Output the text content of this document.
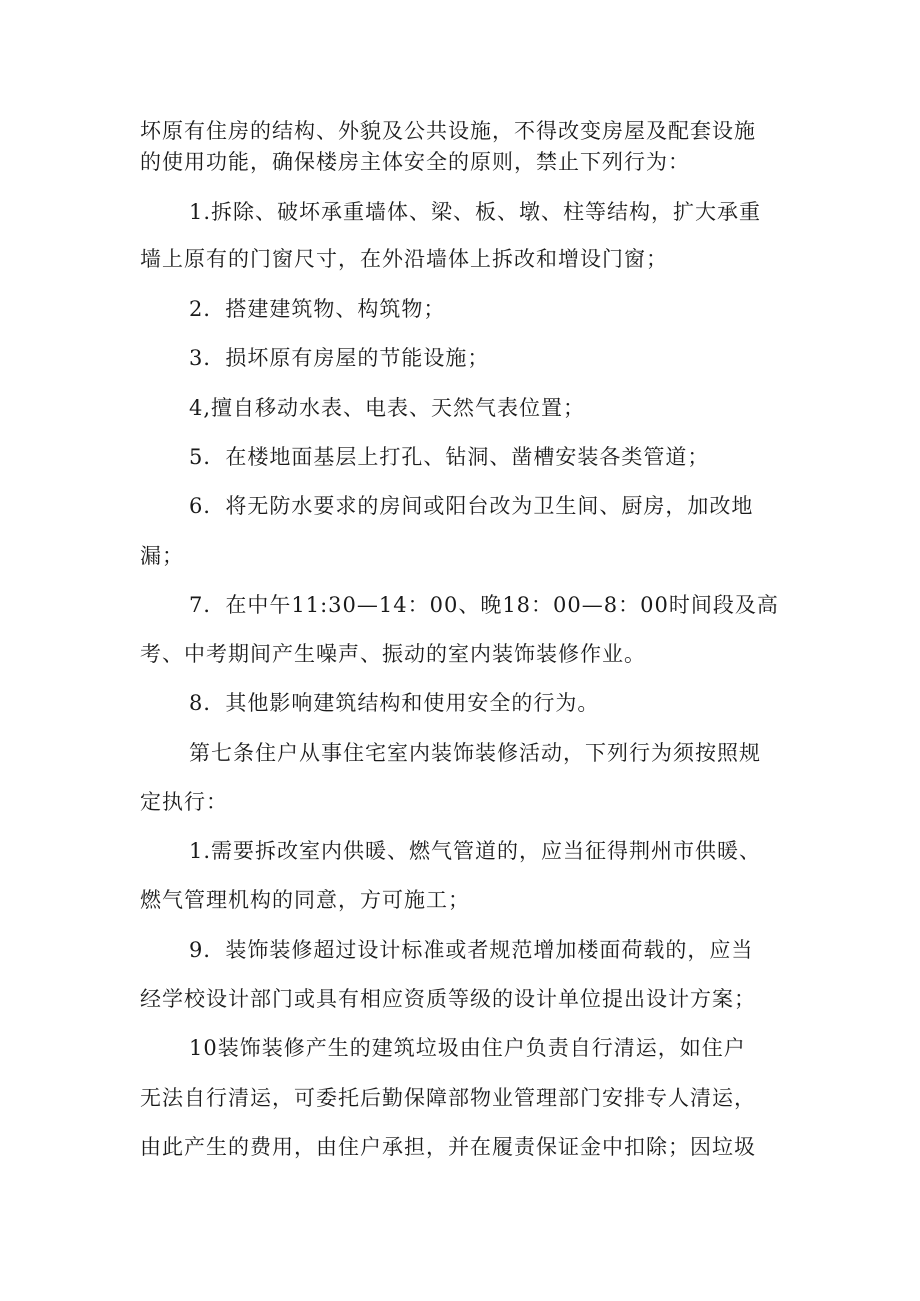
坏原有住房的结构、外貌及公共设施，不得改变房屋及配套设施
的使用功能，确保楼房主体安全的原则，禁止下列行为：
1.拆除、破坏承重墙体、梁、板、墩、柱等结构，扩大承重
墙上原有的门窗尺寸，在外沿墙体上拆改和增设门窗；
2．搭建建筑物、构筑物；
3．损坏原有房屋的节能设施；
4,擅自移动水表、电表、天然气表位置；
5．在楼地面基层上打孔、钻洞、凿槽安装各类管道；
6．将无防水要求的房间或阳台改为卫生间、厨房，加改地
漏；
7．在中午11:30—14：00、晚18：00—8：00时间段及高
考、中考期间产生噪声、振动的室内装饰装修作业。
8．其他影响建筑结构和使用安全的行为。
第七条住户从事住宅室内装饰装修活动，下列行为须按照规
定执行：
1.需要拆改室内供暖、燃气管道的，应当征得荆州市供暖、
燃气管理机构的同意，方可施工；
9．装饰装修超过设计标准或者规范增加楼面荷载的，应当
经学校设计部门或具有相应资质等级的设计单位提出设计方案；
10装饰装修产生的建筑垃圾由住户负责自行清运，如住户
无法自行清运，可委托后勤保障部物业管理部门安排专人清运，
由此产生的费用，由住户承担，并在履责保证金中扣除；因垃圾
